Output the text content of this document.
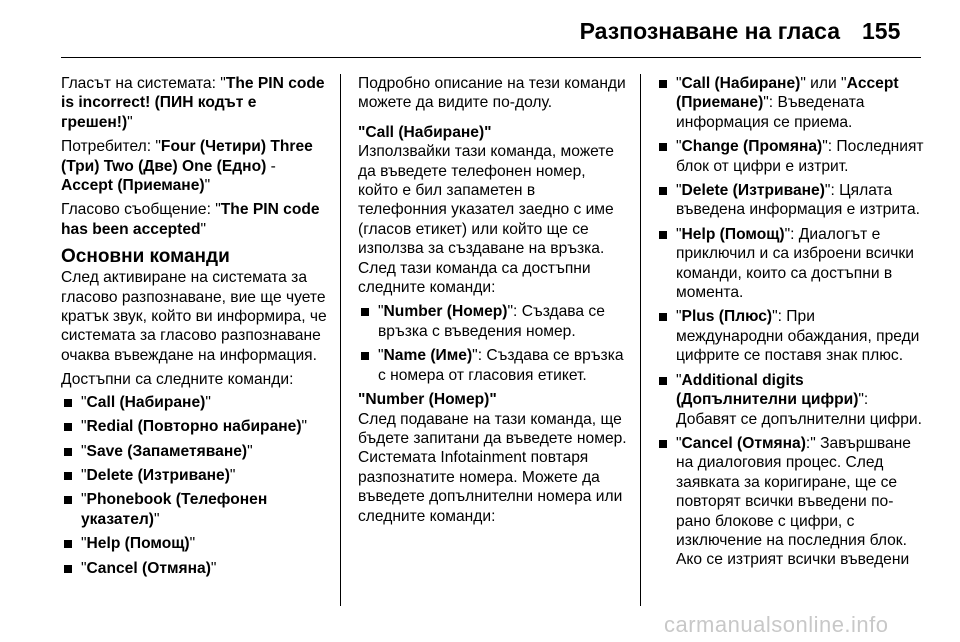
Разпознаване на гласа 155

Гласът на системата: "The PIN code is incorrect! (ПИН кодът е грешен!)"

Потребител: "Four (Четири) Three (Три) Two (Две) One (Едно) - Accept (Приемане)"

Гласово съобщение: "The PIN code has been accepted"

Основни команди

След активиране на системата за гласово разпознаване, вие ще чуете кратък звук, който ви информира, че системата за гласово разпознаване очаква въвеждане на информация.

Достъпни са следните команди:

"Call (Набиране)"
"Redial (Повторно набиране)"
"Save (Запаметяване)"
"Delete (Изтриване)"
"Phonebook (Телефонен указател)"
"Help (Помощ)"
"Cancel (Отмяна)"

Подробно описание на тези команди можете да видите по-долу.

"Call (Набиране)"

Използвайки тази команда, можете да въведете телефонен номер, който е бил запаметен в телефонния указател заедно с име (гласов етикет) или който ще се използва за създаване на връзка. След тази команда са достъпни следните команди:

"Number (Номер)": Създава се връзка с въведения номер.
"Name (Име)": Създава се връзка с номера от гласовия етикет.
"Number (Номер)"

След подаване на тази команда, ще бъдете запитани да въведете номер. Системата Infotainment повтаря разпознатите номера. Можете да въведете допълнителни номера или следните команди:

"Call (Набиране)" или "Accept (Приемане)": Въведената информация се приема.
"Change (Промяна)": Последният блок от цифри е изтрит.
"Delete (Изтриване)": Цялата въведена информация е изтрита.
"Help (Помощ)": Диалогът е приключил и са изброени всички команди, които са достъпни в момента.
"Plus (Плюс)": При международни обаждания, преди цифрите се поставя знак плюс.
"Additional digits (Допълнителни цифри)": Добавят се допълнителни цифри.
"Cancel (Отмяна):" Завършване на диалоговия процес. След заявката за коригиране, ще се повторят всички въведени по-рано блокове с цифри, с изключение на последния блок. Ако се изтрият всички въведени
carmanualsonline.info
